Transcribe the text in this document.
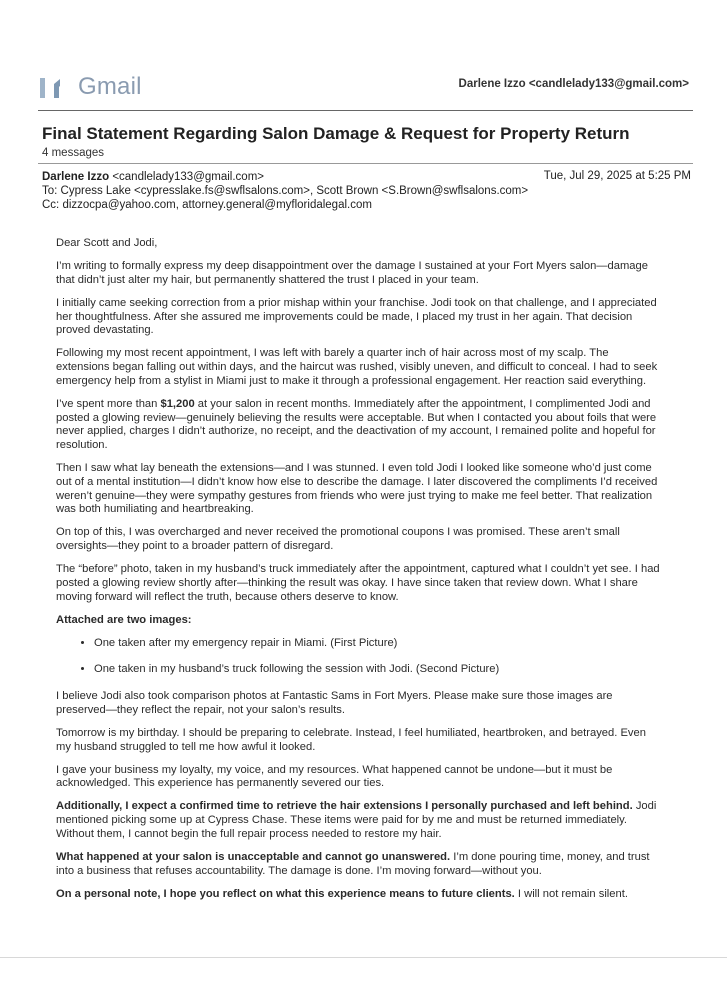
Gmail	Darlene Izzo <candlelady133@gmail.com>
Final Statement Regarding Salon Damage & Request for Property Return
4 messages
Darlene Izzo <candlelady133@gmail.com>
To: Cypress Lake <cypresslake.fs@swflsalons.com>, Scott Brown <S.Brown@swflsalons.com>
Cc: dizzocpa@yahoo.com, attorney.general@myfloridalegal.com
Tue, Jul 29, 2025 at 5:25 PM

Dear Scott and Jodi,

I’m writing to formally express my deep disappointment over the damage I sustained at your Fort Myers salon—damage that didn’t just alter my hair, but permanently shattered the trust I placed in your team.

I initially came seeking correction from a prior mishap within your franchise. Jodi took on that challenge, and I appreciated her thoughtfulness. After she assured me improvements could be made, I placed my trust in her again. That decision proved devastating.

Following my most recent appointment, I was left with barely a quarter inch of hair across most of my scalp. The extensions began falling out within days, and the haircut was rushed, visibly uneven, and difficult to conceal. I had to seek emergency help from a stylist in Miami just to make it through a professional engagement. Her reaction said everything.

I’ve spent more than $1,200 at your salon in recent months. Immediately after the appointment, I complimented Jodi and posted a glowing review—genuinely believing the results were acceptable. But when I contacted you about foils that were never applied, charges I didn’t authorize, no receipt, and the deactivation of my account, I remained polite and hopeful for resolution.

Then I saw what lay beneath the extensions—and I was stunned. I even told Jodi I looked like someone who’d just come out of a mental institution—I didn’t know how else to describe the damage. I later discovered the compliments I’d received weren’t genuine—they were sympathy gestures from friends who were just trying to make me feel better. That realization was both humiliating and heartbreaking.

On top of this, I was overcharged and never received the promotional coupons I was promised. These aren’t small oversights—they point to a broader pattern of disregard.

The “before” photo, taken in my husband’s truck immediately after the appointment, captured what I couldn’t yet see. I had posted a glowing review shortly after—thinking the result was okay. I have since taken that review down. What I share moving forward will reflect the truth, because others deserve to know.

Attached are two images:

• One taken after my emergency repair in Miami. (First Picture)
• One taken in my husband’s truck following the session with Jodi. (Second Picture)

I believe Jodi also took comparison photos at Fantastic Sams in Fort Myers. Please make sure those images are preserved—they reflect the repair, not your salon’s results.

Tomorrow is my birthday. I should be preparing to celebrate. Instead, I feel humiliated, heartbroken, and betrayed. Even my husband struggled to tell me how awful it looked.

I gave your business my loyalty, my voice, and my resources. What happened cannot be undone—but it must be acknowledged. This experience has permanently severed our ties.

Additionally, I expect a confirmed time to retrieve the hair extensions I personally purchased and left behind. Jodi mentioned picking some up at Cypress Chase. These items were paid for by me and must be returned immediately. Without them, I cannot begin the full repair process needed to restore my hair.

What happened at your salon is unacceptable and cannot go unanswered. I’m done pouring time, money, and trust into a business that refuses accountability. The damage is done. I’m moving forward—without you.

On a personal note, I hope you reflect on what this experience means to future clients. I will not remain silent.
